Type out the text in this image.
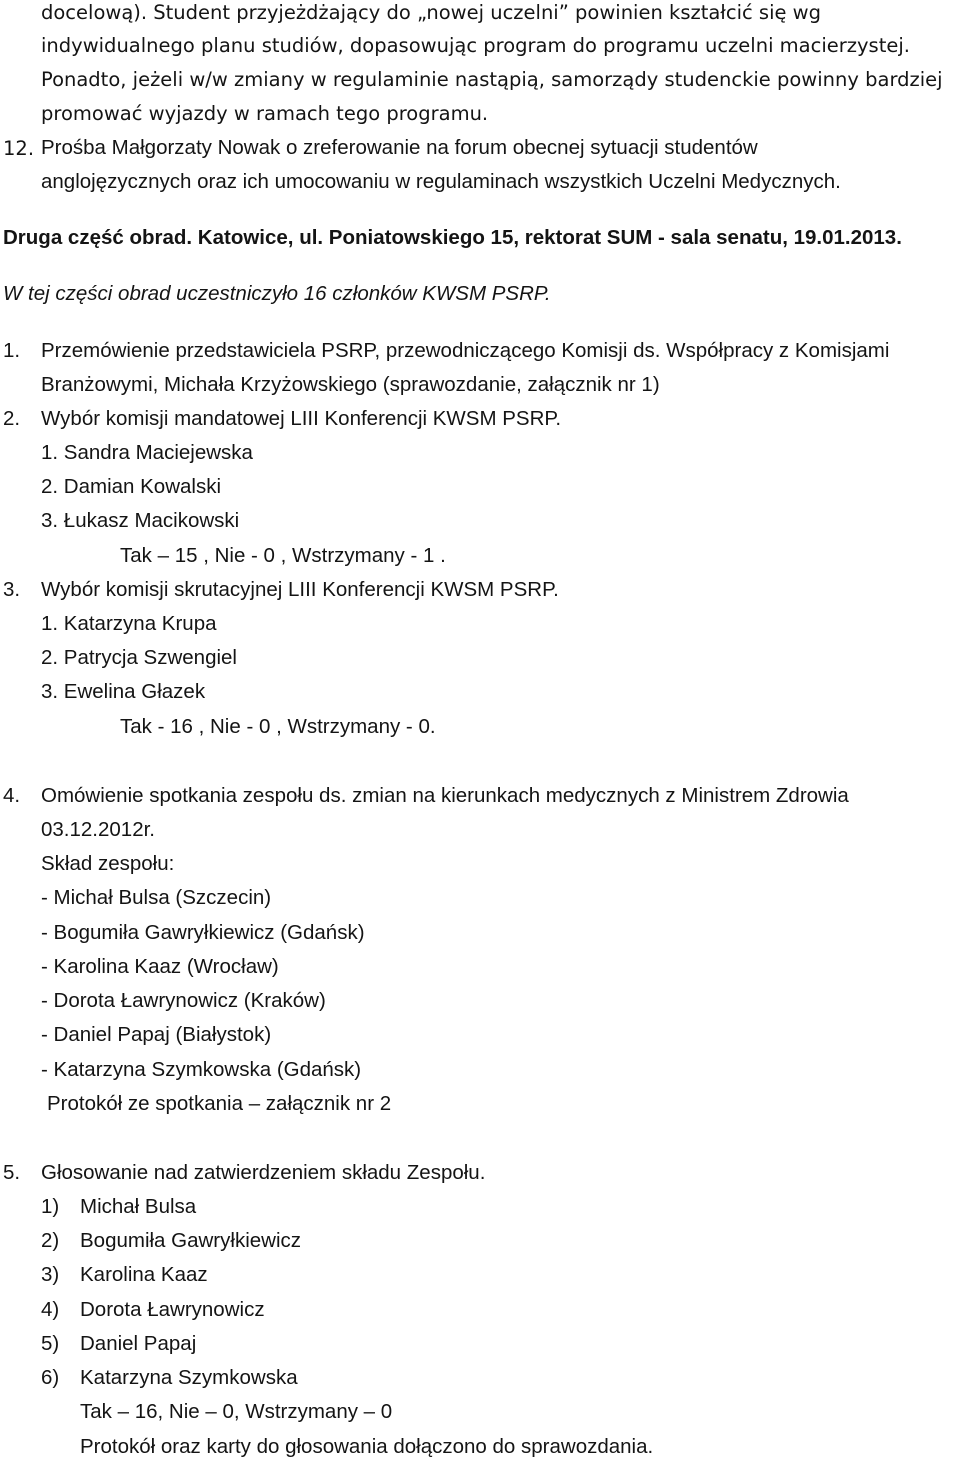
docelową). Student przyjeżdżający do „nowej uczelni” powinien kształcić się wg
indywidualnego planu studiów, dopasowując program do programu uczelni macierzystej.
Ponadto, jeżeli w/w zmiany w regulaminie nastąpią, samorządy studenckie powinny bardziej
promować wyjazdy w ramach tego programu.
12. Prośba Małgorzaty Nowak o zreferowanie na forum obecnej sytuacji studentów
anglojęzycznych oraz ich umocowaniu w regulaminach wszystkich Uczelni Medycznych.
Druga część obrad. Katowice, ul. Poniatowskiego 15, rektorat SUM - sala senatu, 19.01.2013.
W tej części obrad uczestniczyło 16 członków KWSM PSRP.
1. Przemówienie przedstawiciela PSRP, przewodniczącego Komisji ds. Współpracy z Komisjami
Branżowymi, Michała Krzyżowskiego (sprawozdanie, załącznik nr 1)
2. Wybór komisji mandatowej LIII Konferencji KWSM PSRP.
1. Sandra Maciejewska
2. Damian Kowalski
3. Łukasz Macikowski
Tak – 15 , Nie - 0 , Wstrzymany - 1 .
3. Wybór komisji skrutacyjnej LIII Konferencji KWSM PSRP.
1. Katarzyna Krupa
2. Patrycja Szwengiel
3. Ewelina Głazek
Tak - 16 , Nie - 0 , Wstrzymany - 0.
4. Omówienie spotkania zespołu ds. zmian na kierunkach medycznych z Ministrem Zdrowia
03.12.2012r.
Skład zespołu:
- Michał Bulsa (Szczecin)
- Bogumiła Gawryłkiewicz (Gdańsk)
- Karolina Kaaz (Wrocław)
- Dorota Ławrynowicz (Kraków)
- Daniel Papaj (Białystok)
- Katarzyna Szymkowska (Gdańsk)
Protokół ze spotkania – załącznik nr 2
5. Głosowanie nad zatwierdzeniem składu Zespołu.
1) Michał Bulsa
2) Bogumiła Gawryłkiewicz
3) Karolina Kaaz
4) Dorota Ławrynowicz
5) Daniel Papaj
6) Katarzyna Szymkowska
Tak – 16, Nie – 0, Wstrzymany – 0
Protokół oraz karty do głosowania dołączono do sprawozdania.
